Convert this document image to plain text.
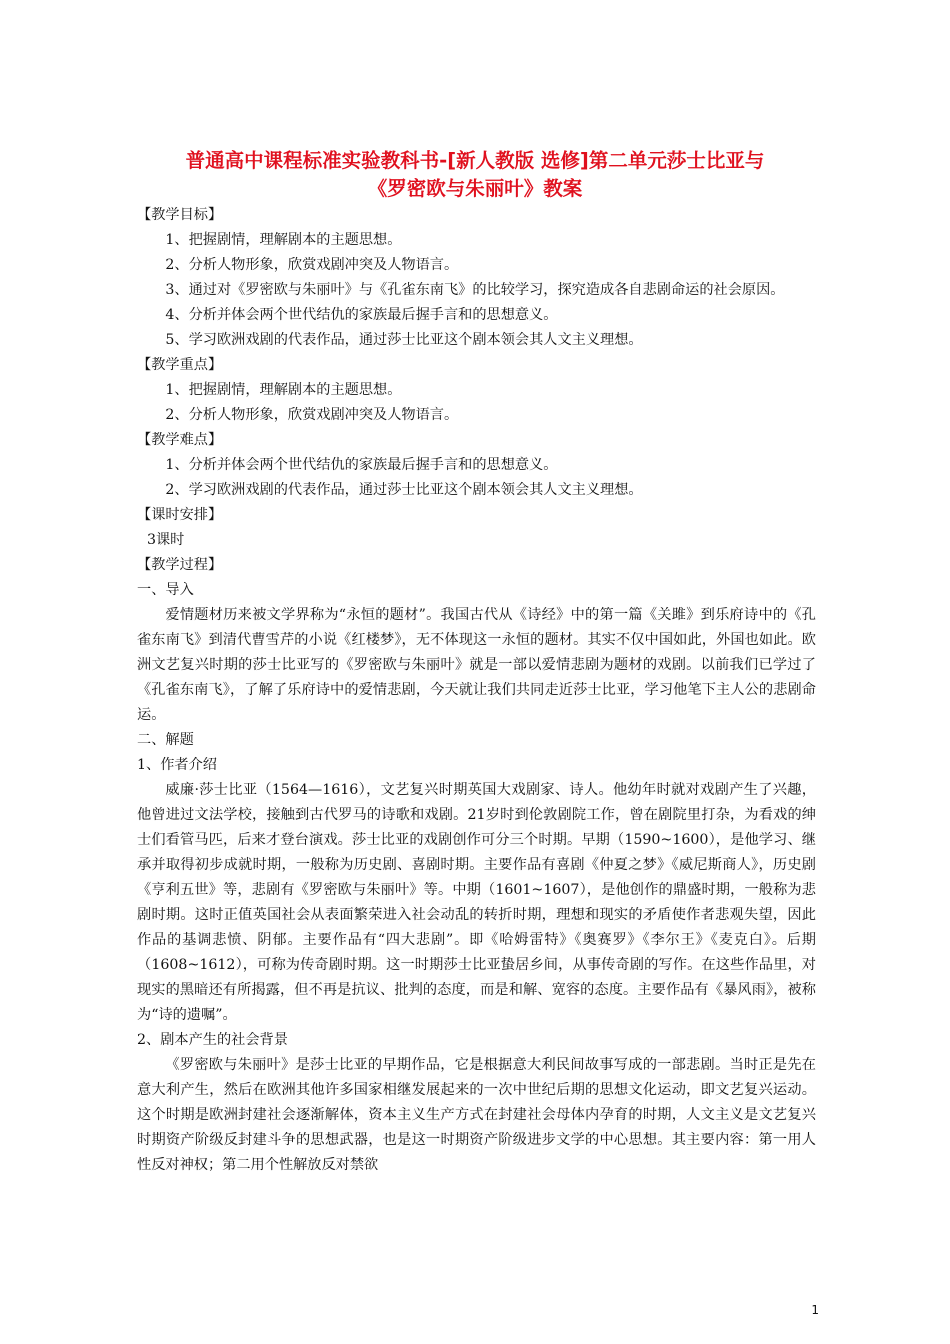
普通高中课程标准实验教科书-[新人教版 选修]第二单元莎士比亚与
《罗密欧与朱丽叶》教案

【教学目标】

1、把握剧情，理解剧本的主题思想。

2、分析人物形象，欣赏戏剧冲突及人物语言。

3、通过对《罗密欧与朱丽叶》与《孔雀东南飞》的比较学习，探究造成各自悲剧命运的社会原因。

4、分析并体会两个世代结仇的家族最后握手言和的思想意义。

5、学习欧洲戏剧的代表作品，通过莎士比亚这个剧本领会其人文主义理想。

【教学重点】

1、把握剧情，理解剧本的主题思想。

2、分析人物形象，欣赏戏剧冲突及人物语言。

【教学难点】

1、分析并体会两个世代结仇的家族最后握手言和的思想意义。

2、学习欧洲戏剧的代表作品，通过莎士比亚这个剧本领会其人文主义理想。

【课时安排】

3课时

【教学过程】

一、导入

爱情题材历来被文学界称为“永恒的题材”。我国古代从《诗经》中的第一篇《关雎》到乐府诗中的《孔雀东南飞》到清代曹雪芹的小说《红楼梦》，无不体现这一永恒的题材。其实不仅中国如此，外国也如此。欧洲文艺复兴时期的莎士比亚写的《罗密欧与朱丽叶》就是一部以爱情悲剧为题材的戏剧。以前我们已学过了《孔雀东南飞》，了解了乐府诗中的爱情悲剧，今天就让我们共同走近莎士比亚，学习他笔下主人公的悲剧命运。

二、解题

1、作者介绍

威廉·莎士比亚（1564—1616），文艺复兴时期英国大戏剧家、诗人。他幼年时就对戏剧产生了兴趣，他曾进过文法学校，接触到古代罗马的诗歌和戏剧。21岁时到伦敦剧院工作，曾在剧院里打杂，为看戏的绅士们看管马匹，后来才登台演戏。莎士比亚的戏剧创作可分三个时期。早期（1590~1600），是他学习、继承并取得初步成就时期，一般称为历史剧、喜剧时期。主要作品有喜剧《仲夏之梦》《威尼斯商人》，历史剧《亨利五世》等，悲剧有《罗密欧与朱丽叶》等。中期（1601~1607），是他创作的鼎盛时期，一般称为悲剧时期。这时正值英国社会从表面繁荣进入社会动乱的转折时期，理想和现实的矛盾使作者悲观失望，因此作品的基调悲愤、阴郁。主要作品有“四大悲剧”。即《哈姆雷特》《奥赛罗》《李尔王》《麦克白》。后期（1608~1612），可称为传奇剧时期。这一时期莎士比亚蛰居乡间，从事传奇剧的写作。在这些作品里，对现实的黑暗还有所揭露，但不再是抗议、批判的态度，而是和解、宽容的态度。主要作品有《暴风雨》，被称为“诗的遗嘱”。

2、剧本产生的社会背景

《罗密欧与朱丽叶》是莎士比亚的早期作品，它是根据意大利民间故事写成的一部悲剧。当时正是先在意大利产生，然后在欧洲其他许多国家相继发展起来的一次中世纪后期的思想文化运动，即文艺复兴运动。这个时期是欧洲封建社会逐渐解体，资本主义生产方式在封建社会母体内孕育的时期，人文主义是文艺复兴时期资产阶级反封建斗争的思想武器，也是这一时期资产阶级进步文学的中心思想。其主要内容：第一用人性反对神权；第二用个性解放反对禁欲

1
